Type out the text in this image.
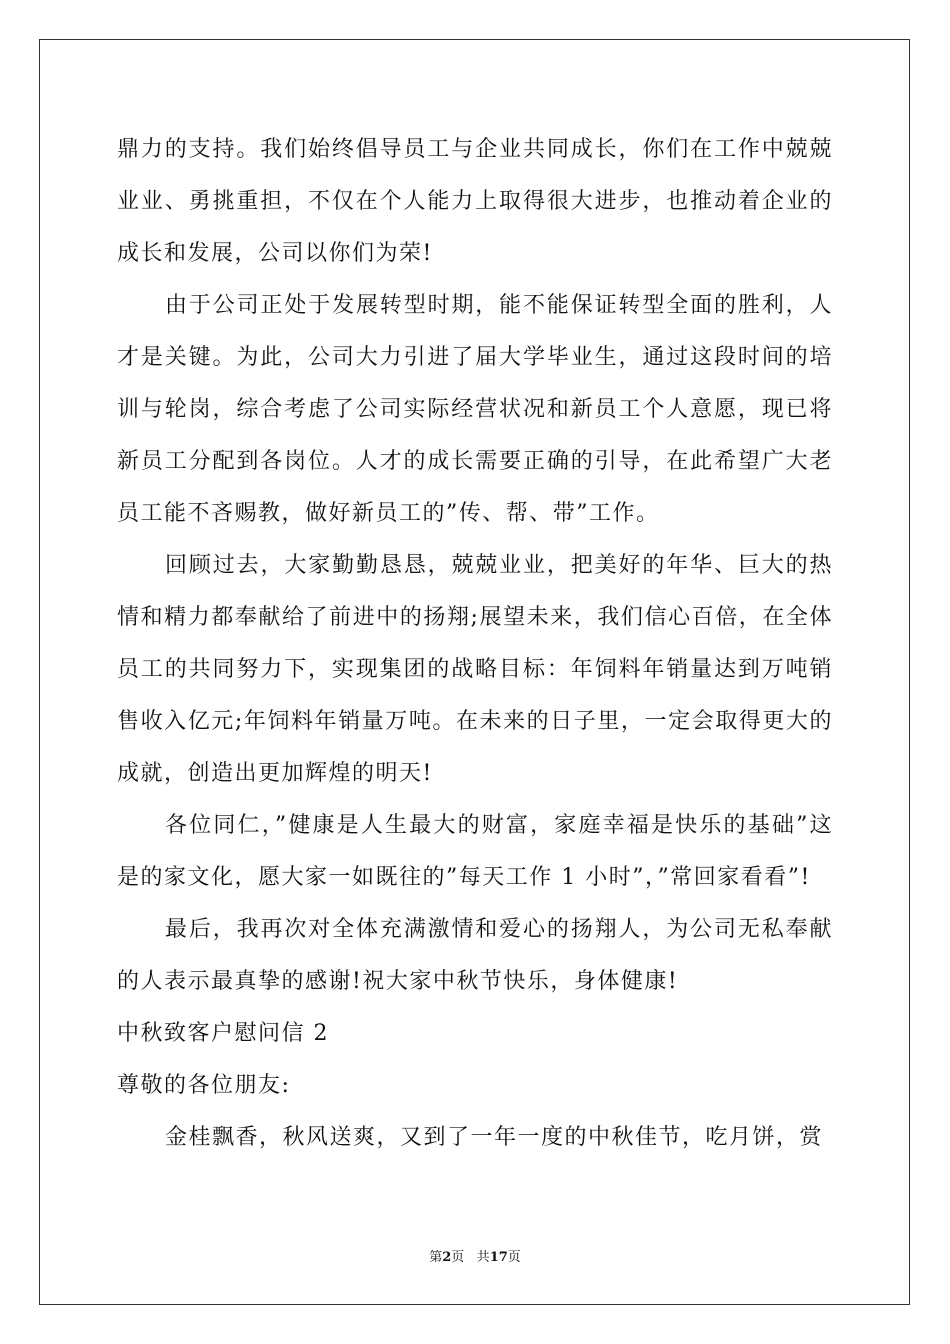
鼎力的支持。我们始终倡导员工与企业共同成长，你们在工作中兢兢业业、勇挑重担，不仅在个人能力上取得很大进步，也推动着企业的成长和发展，公司以你们为荣!

由于公司正处于发展转型时期，能不能保证转型全面的胜利，人才是关键。为此，公司大力引进了届大学毕业生，通过这段时间的培训与轮岗，综合考虑了公司实际经营状况和新员工个人意愿，现已将新员工分配到各岗位。人才的成长需要正确的引导，在此希望广大老员工能不吝赐教，做好新员工的”传、帮、带”工作。

回顾过去，大家勤勤恳恳，兢兢业业，把美好的年华、巨大的热情和精力都奉献给了前进中的扬翔;展望未来，我们信心百倍，在全体员工的共同努力下，实现集团的战略目标：年饲料年销量达到万吨销售收入亿元;年饲料年销量万吨。在未来的日子里，一定会取得更大的成就，创造出更加辉煌的明天!

各位同仁，”健康是人生最大的财富，家庭幸福是快乐的基础”这是的家文化，愿大家一如既往的”每天工作 1 小时”，”常回家看看”!

最后，我再次对全体充满激情和爱心的扬翔人，为公司无私奉献的人表示最真挚的感谢!祝大家中秋节快乐，身体健康!

中秋致客户慰问信 2

尊敬的各位朋友:

金桂飘香，秋风送爽，又到了一年一度的中秋佳节，吃月饼，赏

第2页 共17页
